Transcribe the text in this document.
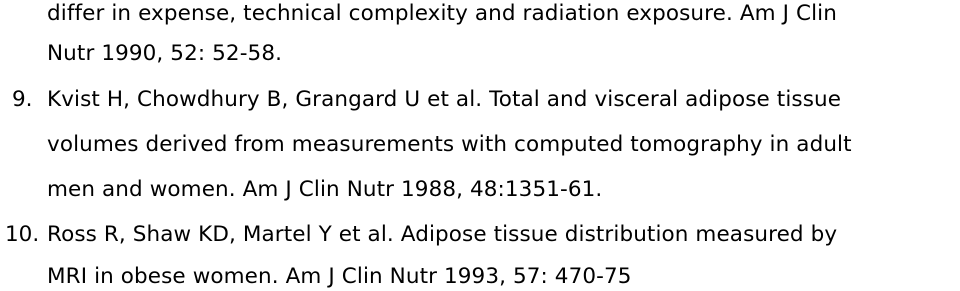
differ in expense, technical complexity and radiation exposure. Am J Clin
Nutr 1990, 52: 52-58.
9. Kvist H, Chowdhury B, Grangard U et al. Total and visceral adipose tissue
volumes derived from measurements with computed tomography in adult
men and women. Am J Clin Nutr 1988, 48:1351-61.
10. Ross R, Shaw KD, Martel Y et al. Adipose tissue distribution measured by
MRI in obese women. Am J Clin Nutr 1993, 57: 470-75
